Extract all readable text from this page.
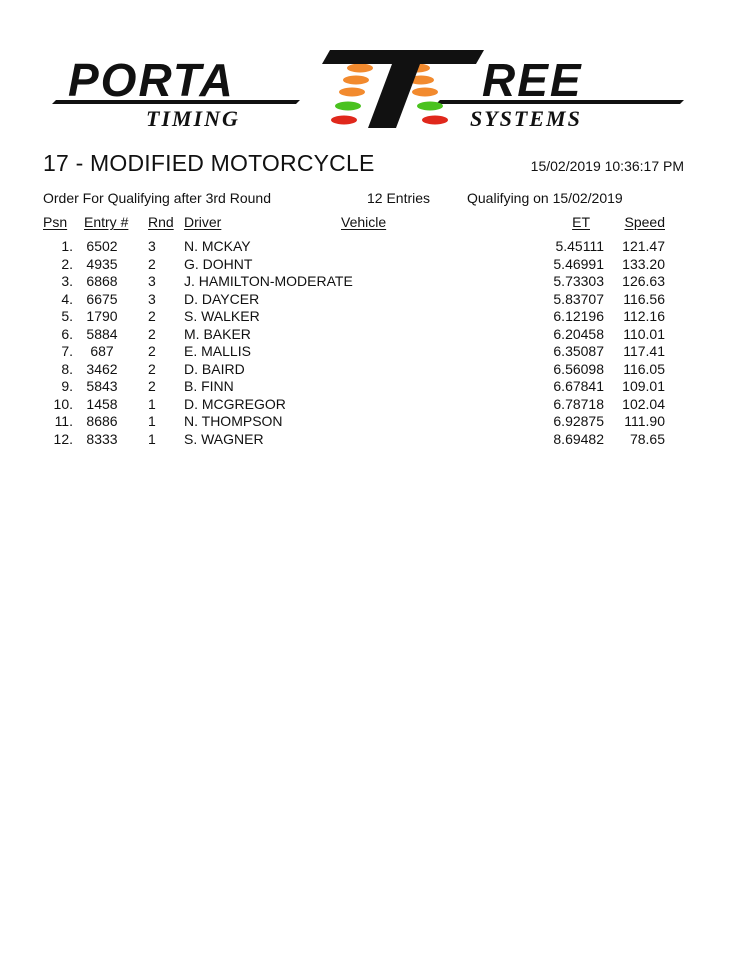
PORTA	REE
TIMING	SYSTEMS
17 - MODIFIED MOTORCYCLE	15/02/2019 10:36:17 PM
Order For Qualifying after 3rd Round	12 Entries	Qualifying on 15/02/2019
Psn Entry # Rnd Driver	Vehicle	ET Speed
1. 6502 3 N. MCKAY	5.45111 121.47
2. 4935 2 G. DOHNT	5.46991 133.20
3. 6868 3 J. HAMILTON-MODERATE	5.73303 126.63
4. 6675 3 D. DAYCER	5.83707 116.56
5. 1790 2 S. WALKER	6.12196 112.16
6. 5884 2 M. BAKER	6.20458 110.01
7.	687	2 E. MALLIS	6.35087 117.41
8. 3462 2 D. BAIRD	6.56098 116.05
9. 5843 2 B. FINN	6.67841 109.01
10. 1458 1 D. MCGREGOR	6.78718 102.04
11. 8686 1 N. THOMPSON	6.92875 111.90
12. 8333 1 S. WAGNER	8.69482 78.65
